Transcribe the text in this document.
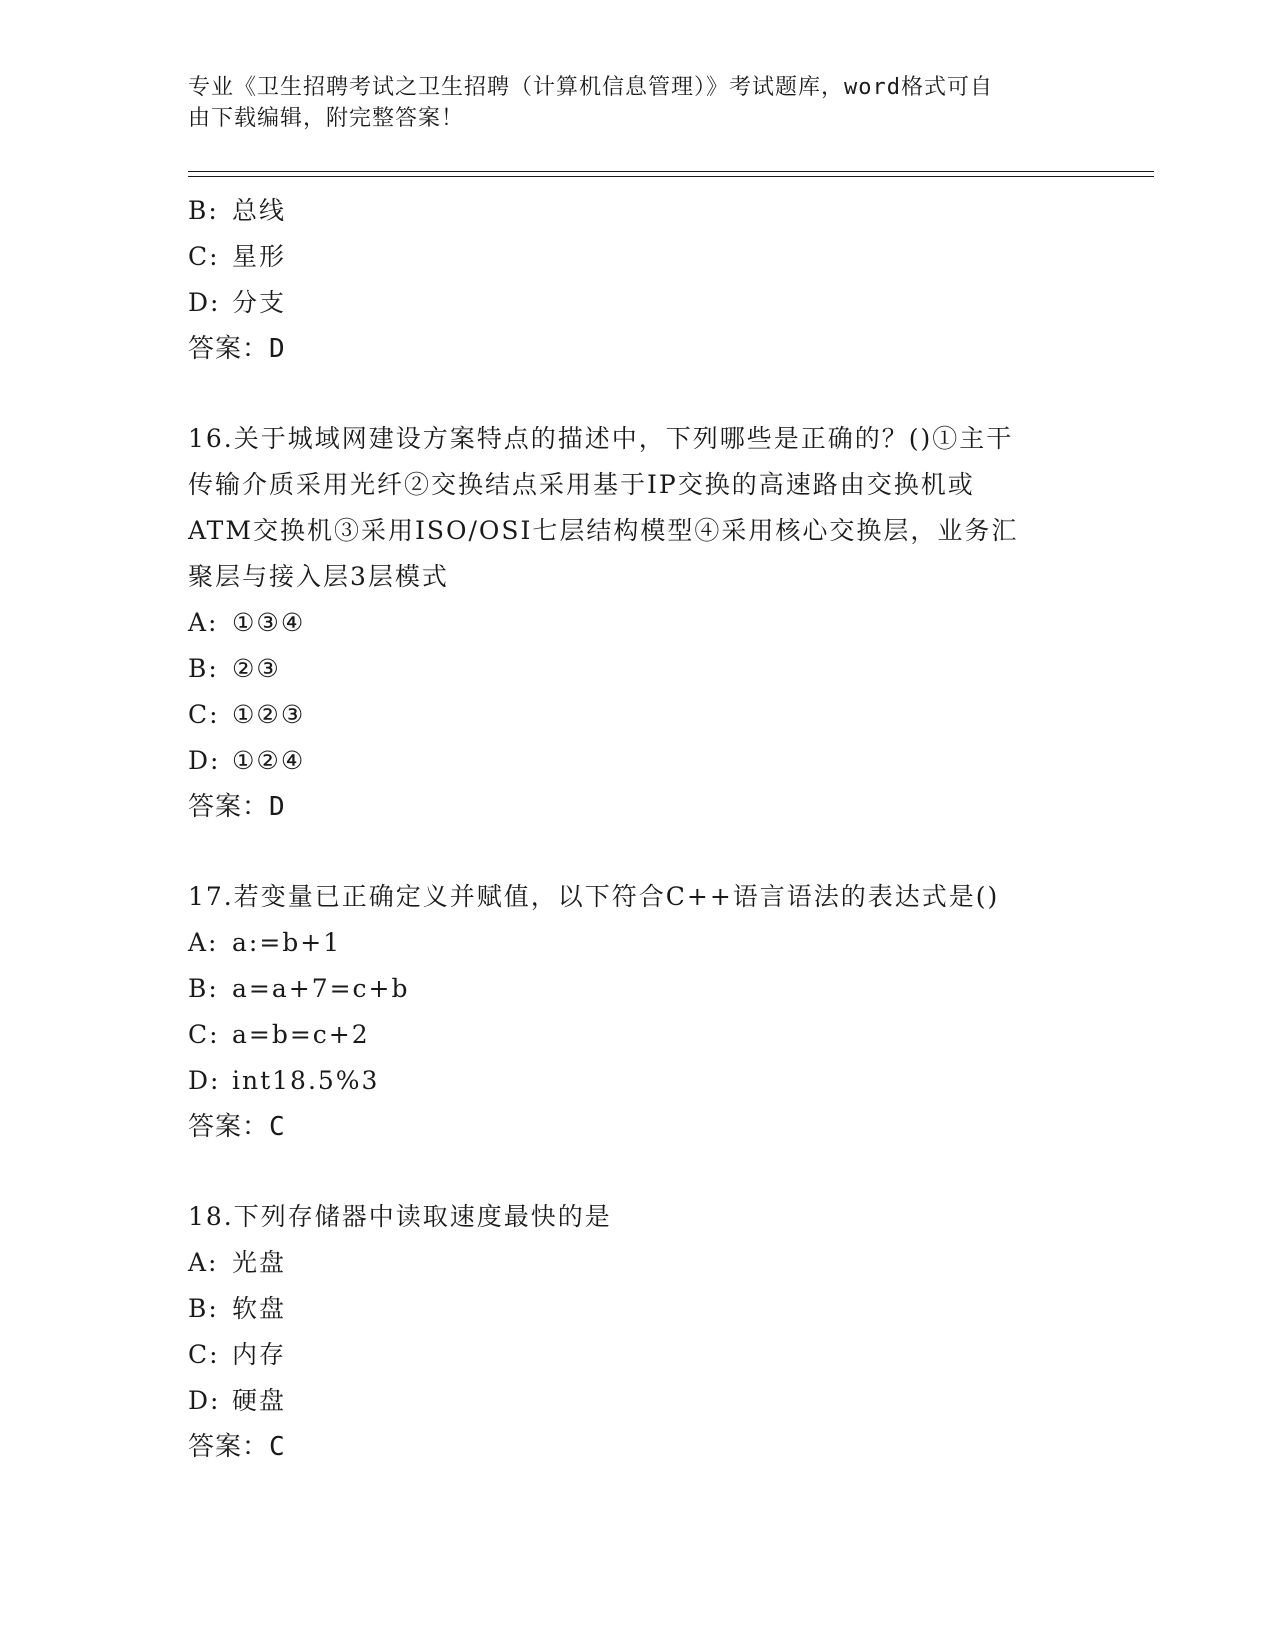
专业《卫生招聘考试之卫生招聘（计算机信息管理）》考试题库，word格式可自
由下载编辑，附完整答案！
B: 总线
C: 星形
D: 分支
答案：D
16.关于城域网建设方案特点的描述中，下列哪些是正确的？()①主干
传输介质采用光纤②交换结点采用基于IP交换的高速路由交换机或
ATM交换机③采用ISO/OSI七层结构模型④采用核心交换层，业务汇
聚层与接入层3层模式
A: ①③④
B: ②③
C: ①②③
D: ①②④
答案：D
17.若变量已正确定义并赋值，以下符合C++语言语法的表达式是()
A: a:=b+1
B: a=a+7=c+b
C: a=b=c+2
D: int18.5%3
答案：C
18.下列存储器中读取速度最快的是
A: 光盘
B: 软盘
C: 内存
D: 硬盘
答案：C
